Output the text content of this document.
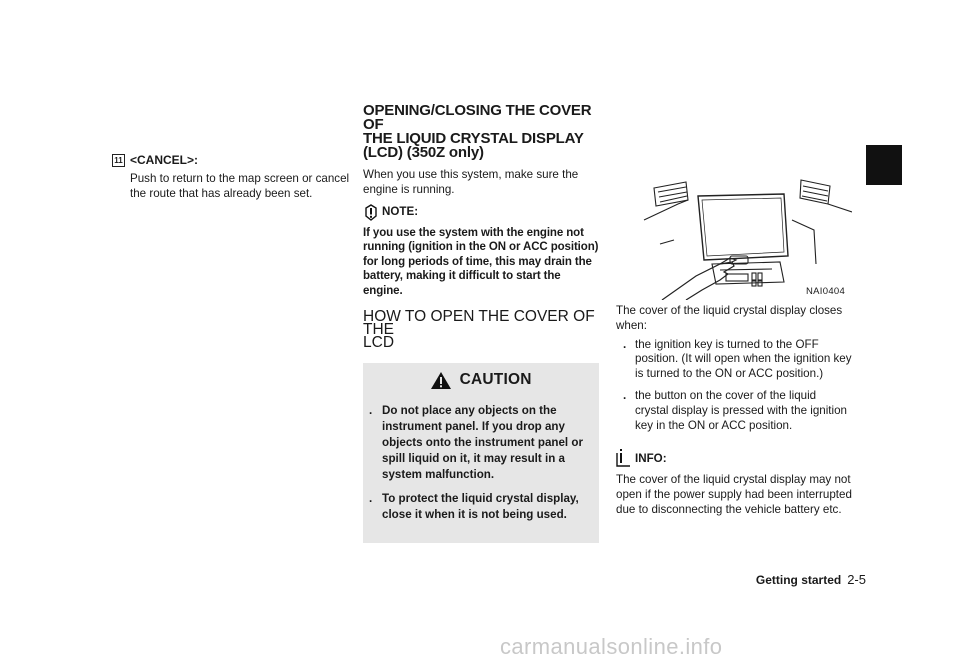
11 <CANCEL>:

Push to return to the map screen or cancel the route that has already been set.

OPENING/CLOSING THE COVER OF
THE LIQUID CRYSTAL DISPLAY
(LCD) (350Z only)

When you use this system, make sure the engine is running.

NOTE:

If you use the system with the engine not running (ignition in the ON or ACC position) for long periods of time, this may drain the battery, making it difficult to start the engine.

HOW TO OPEN THE COVER OF THE
LCD
CAUTION
. Do not place any objects on the instrument panel. If you drop any objects onto the instrument panel or spill liquid on it, it may result in a system malfunction.
. To protect the liquid crystal display, close it when it is not being used.
NAI0404

The cover of the liquid crystal display closes when:

. the ignition key is turned to the OFF position. (It will open when the ignition key is turned to the ON or ACC position.)
. the button on the cover of the liquid crystal display is pressed with the ignition key in the ON or ACC position.
INFO:

The cover of the liquid crystal display may not open if the power supply had been interrupted due to disconnecting the vehicle battery etc.

Getting started 2-5
carmanualsonline.info
